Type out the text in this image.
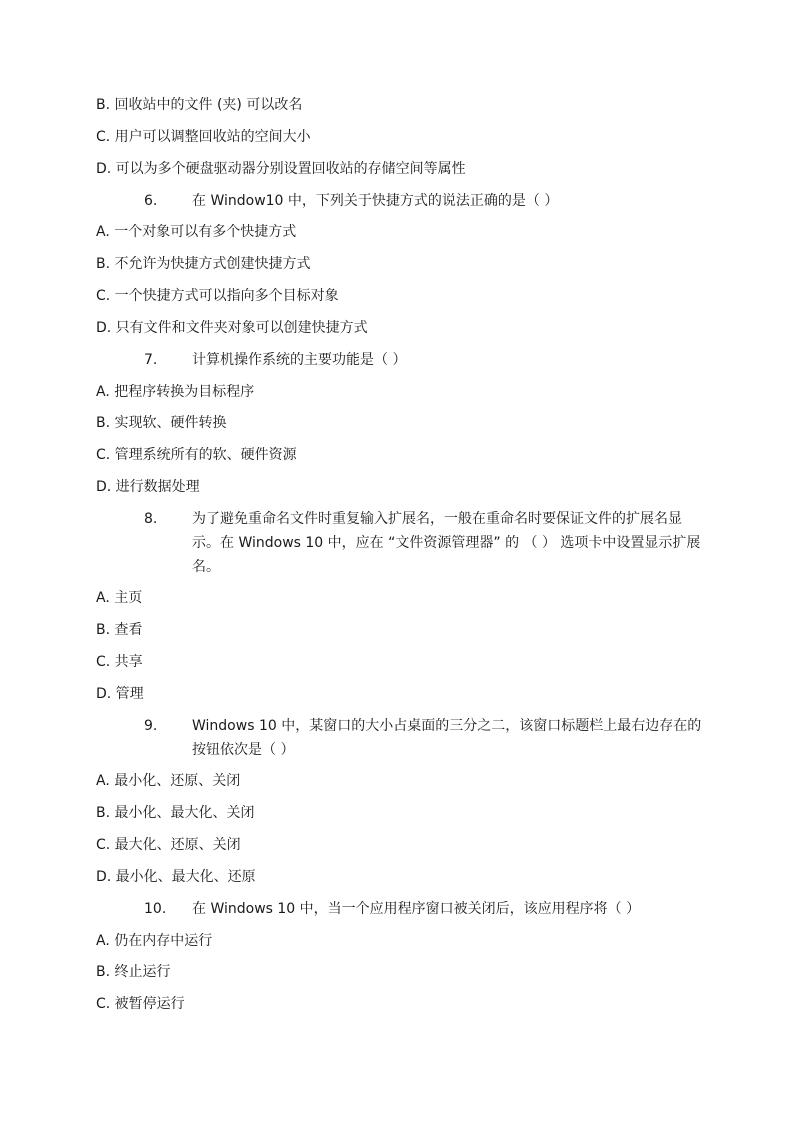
B. 回收站中的文件 (夹) 可以改名
C. 用户可以调整回收站的空间大小
D. 可以为多个硬盘驱动器分别设置回收站的存储空间等属性
6. 在 Window10 中，下列关于快捷方式的说法正确的是（ ）
A. 一个对象可以有多个快捷方式
B. 不允许为快捷方式创建快捷方式
C. 一个快捷方式可以指向多个目标对象
D. 只有文件和文件夹对象可以创建快捷方式
7. 计算机操作系统的主要功能是（ ）
A. 把程序转换为目标程序
B. 实现软、硬件转换
C. 管理系统所有的软、硬件资源
D. 进行数据处理
8. 为了避免重命名文件时重复输入扩展名，一般在重命名时要保证文件的扩展名显示。在 Windows 10 中，应在 “文件资源管理器” 的 （ ） 选项卡中设置显示扩展名。
A. 主页
B. 查看
C. 共享
D. 管理
9. Windows 10 中，某窗口的大小占桌面的三分之二，该窗口标题栏上最右边存在的按钮依次是（ ）
A. 最小化、还原、关闭
B. 最小化、最大化、关闭
C. 最大化、还原、关闭
D. 最小化、最大化、还原
10. 在 Windows 10 中，当一个应用程序窗口被关闭后，该应用程序将（ ）
A. 仍在内存中运行
B. 终止运行
C. 被暂停运行
